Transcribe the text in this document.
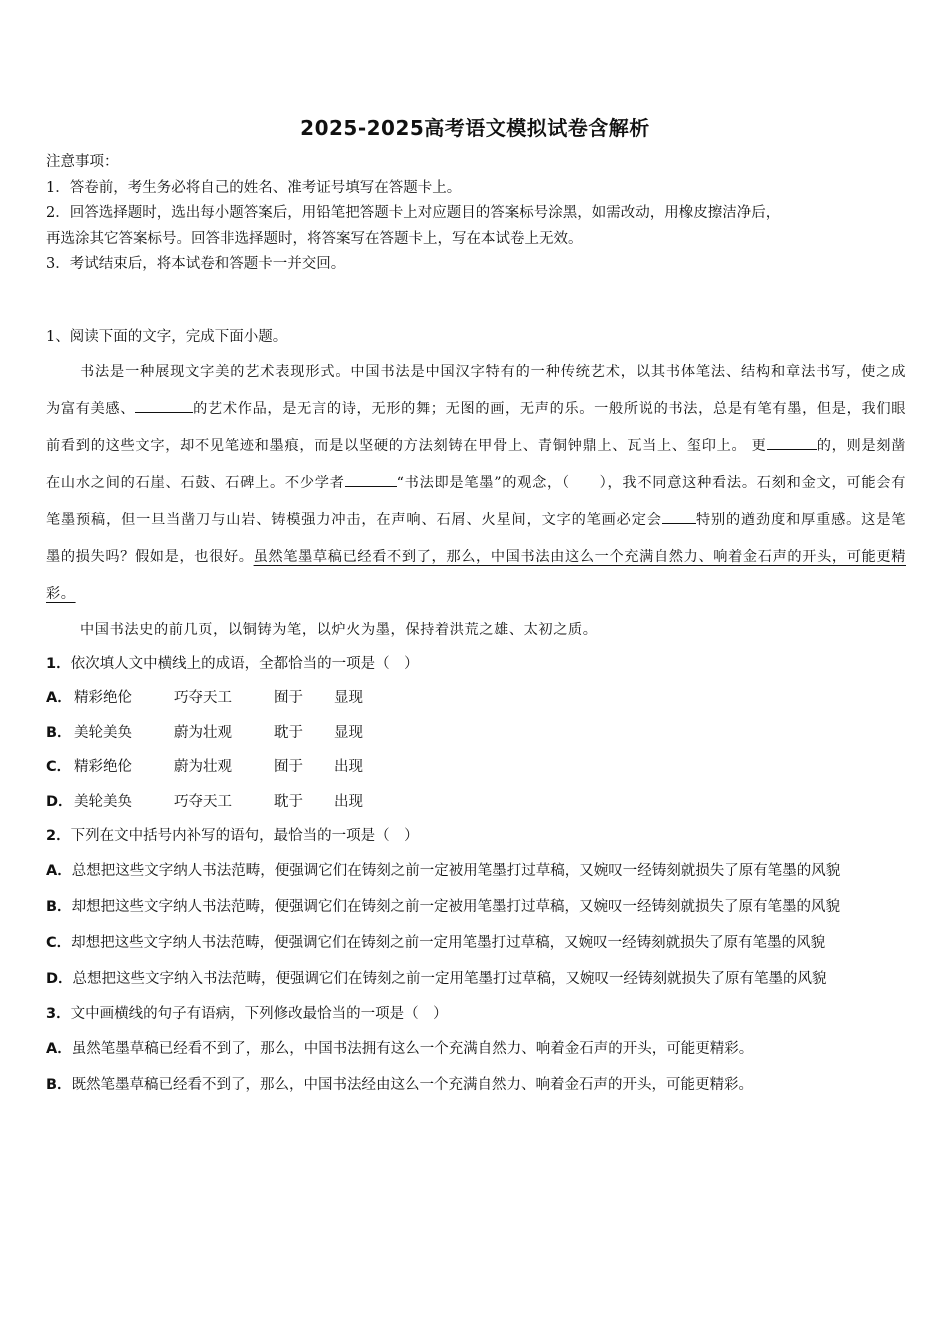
2025-2025高考语文模拟试卷含解析
注意事项：
1．答卷前，考生务必将自己的姓名、准考证号填写在答题卡上。
2．回答选择题时，选出每小题答案后，用铅笔把答题卡上对应题目的答案标号涂黑，如需改动，用橡皮擦洁净后，
再选涂其它答案标号。回答非选择题时，将答案写在答题卡上，写在本试卷上无效。
3．考试结束后，将本试卷和答题卡一并交回。

1、阅读下面的文字，完成下面小题。

书法是一种展现文字美的艺术表现形式。中国书法是中国汉字特有的一种传统艺术，以其书体笔法、结构和章法书写，使之成为富有美感、	的艺术作品，是无言的诗，无形的舞；无图的画，无声的乐。一般所说的书法，总是有笔有墨，但是，我们眼前看到的这些文字，却不见笔迹和墨痕，而是以坚硬的方法刻铸在甲骨上、青铜钟鼎上、瓦当上、玺印上。 更	的，则是刻凿在山水之间的石崖、石鼓、石碑上。不少学者	“书法即是笔墨”的观念，（　　），我不同意这种看法。石刻和金文，可能会有笔墨预稿，但一旦当凿刀与山岩、铸模强力冲击，在声响、石屑、火星间，文字的笔画必定会 特别的遒劲度和厚重感。这是笔墨的损失吗？假如是，也很好。虽然笔墨草稿已经看不到了，那么，中国书法由这么一个充满自然力、响着金石声的开头，可能更精彩。

中国书法史的前几页，以铜铸为笔，以炉火为墨，保持着洪荒之雄、太初之质。

1．依次填人文中横线上的成语，全都恰当的一项是（　）

A． 精彩绝伦	巧夺天工	囿于 显现
B． 美轮美奂	蔚为壮观	耽于 显现
C． 精彩绝伦	蔚为壮观	囿于 出现
D．美轮美奂	巧夺天工	耽于 出现

2．下列在文中括号内补写的语句，最恰当的一项是（　）

A．总想把这些文字纳人书法范畴，便强调它们在铸刻之前一定被用笔墨打过草稿，又婉叹一经铸刻就损失了原有笔墨的风貌

B．却想把这些文字纳人书法范畴，便强调它们在铸刻之前一定被用笔墨打过草稿，又婉叹一经铸刻就损失了原有笔墨的风貌

C．却想把这些文字纳人书法范畴，便强调它们在铸刻之前一定用笔墨打过草稿，又婉叹一经铸刻就损失了原有笔墨的风貌

D．总想把这些文字纳入书法范畴，便强调它们在铸刻之前一定用笔墨打过草稿，又婉叹一经铸刻就损失了原有笔墨的风貌

3．文中画横线的句子有语病，下列修改最恰当的一项是（　）

A．虽然笔墨草稿已经看不到了，那么，中国书法拥有这么一个充满自然力、响着金石声的开头，可能更精彩。

B．既然笔墨草稿已经看不到了，那么，中国书法经由这么一个充满自然力、响着金石声的开头，可能更精彩。
